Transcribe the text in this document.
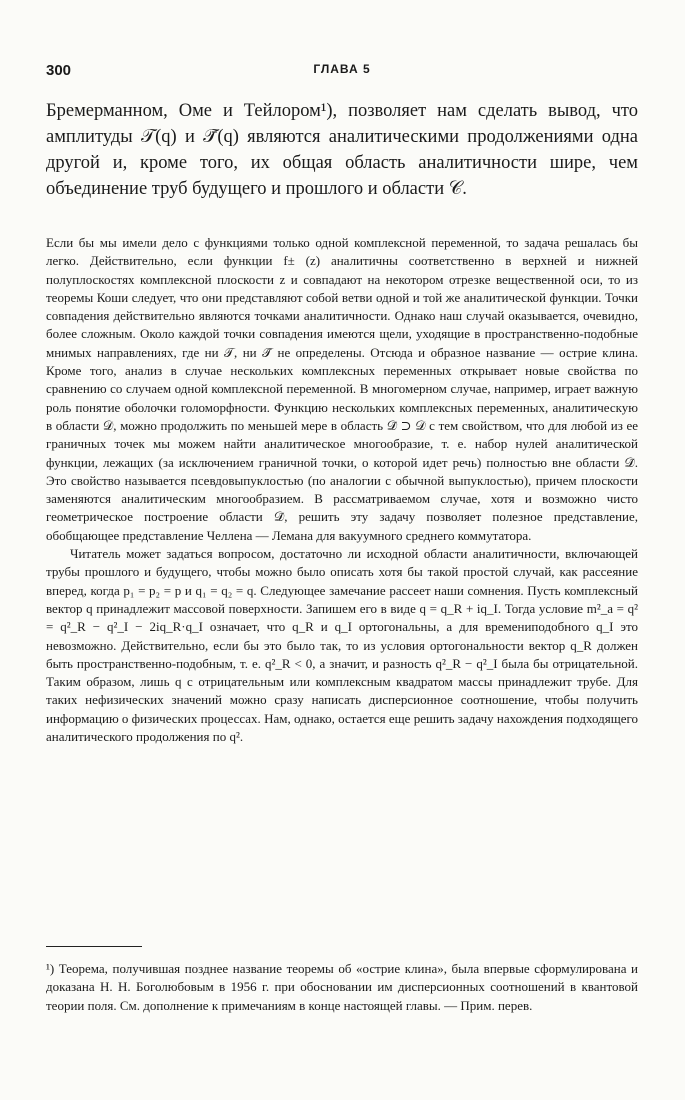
300	ГЛАВА 5

Бремерманном, Оме и Тейлором¹), позволяет нам сделать вывод, что амплитуды 𝒯(q) и 𝒯̄(q) являются аналитическими продолжениями одна другой и, кроме того, их общая область аналитичности шире, чем объединение труб будущего и прошлого и области 𝒞.

Если бы мы имели дело с функциями только одной комплексной переменной, то задача решалась бы легко. Действительно, если функции f± (z) аналитичны соответственно в верхней и нижней полуплоскостях комплексной плоскости z и совпадают на некотором отрезке вещественной оси, то из теоремы Коши следует, что они представляют собой ветви одной и той же аналитической функции. Точки совпадения действительно являются точками аналитичности. Однако наш случай оказывается, очевидно, более сложным. Около каждой точки совпадения имеются щели, уходящие в пространственно-подобные мнимых направлениях, где ни 𝒯, ни 𝒯̄ не определены. Отсюда и образное название — острие клина. Кроме того, анализ в случае нескольких комплексных переменных открывает новые свойства по сравнению со случаем одной комплексной переменной. В многомерном случае, например, играет важную роль понятие оболочки голоморфности. Функцию нескольких комплексных переменных, аналитическую в области 𝒟, можно продолжить по меньшей мере в область 𝒟̄ ⊃ 𝒟 с тем свойством, что для любой из ее граничных точек мы можем найти аналитическое многообразие, т. е. набор нулей аналитической функции, лежащих (за исключением граничной точки, о которой идет речь) полностью вне области 𝒟̄. Это свойство называется псевдовыпуклостью (по аналогии с обычной выпуклостью), причем плоскости заменяются аналитическим многообразием. В рассматриваемом случае, хотя и возможно чисто геометрическое построение области 𝒟̄, решить эту задачу позволяет полезное представление, обобщающее представление Челлена — Лемана для вакуумного среднего коммутатора.

Читатель может задаться вопросом, достаточно ли исходной области аналитичности, включающей трубы прошлого и будущего, чтобы можно было описать хотя бы такой простой случай, как рассеяние вперед, когда p₁ = p₂ = p и q₁ = q₂ = q. Следующее замечание рассеет наши сомнения. Пусть комплексный вектор q принадлежит массовой поверхности. Запишем его в виде q = q_R + iq_I. Тогда условие m²_a = q² = q²_R − q²_I − 2iq_R·q_I означает, что q_R и q_I ортогональны, а для времениподобного q_I это невозможно. Действительно, если бы это было так, то из условия ортогональности вектор q_R должен быть пространственно-подобным, т. е. q²_R < 0, а значит, и разность q²_R − q²_I была бы отрицательной. Таким образом, лишь q с отрицательным или комплексным квадратом массы принадлежит трубе. Для таких нефизических значений можно сразу написать дисперсионное соотношение, чтобы получить информацию о физических процессах. Нам, однако, остается еще решить задачу нахождения подходящего аналитического продолжения по q².

¹) Теорема, получившая позднее название теоремы об «острие клина», была впервые сформулирована и доказана Н. Н. Боголюбовым в 1956 г. при обосновании им дисперсионных соотношений в квантовой теории поля. См. дополнение к примечаниям в конце настоящей главы. — Прим. перев.
